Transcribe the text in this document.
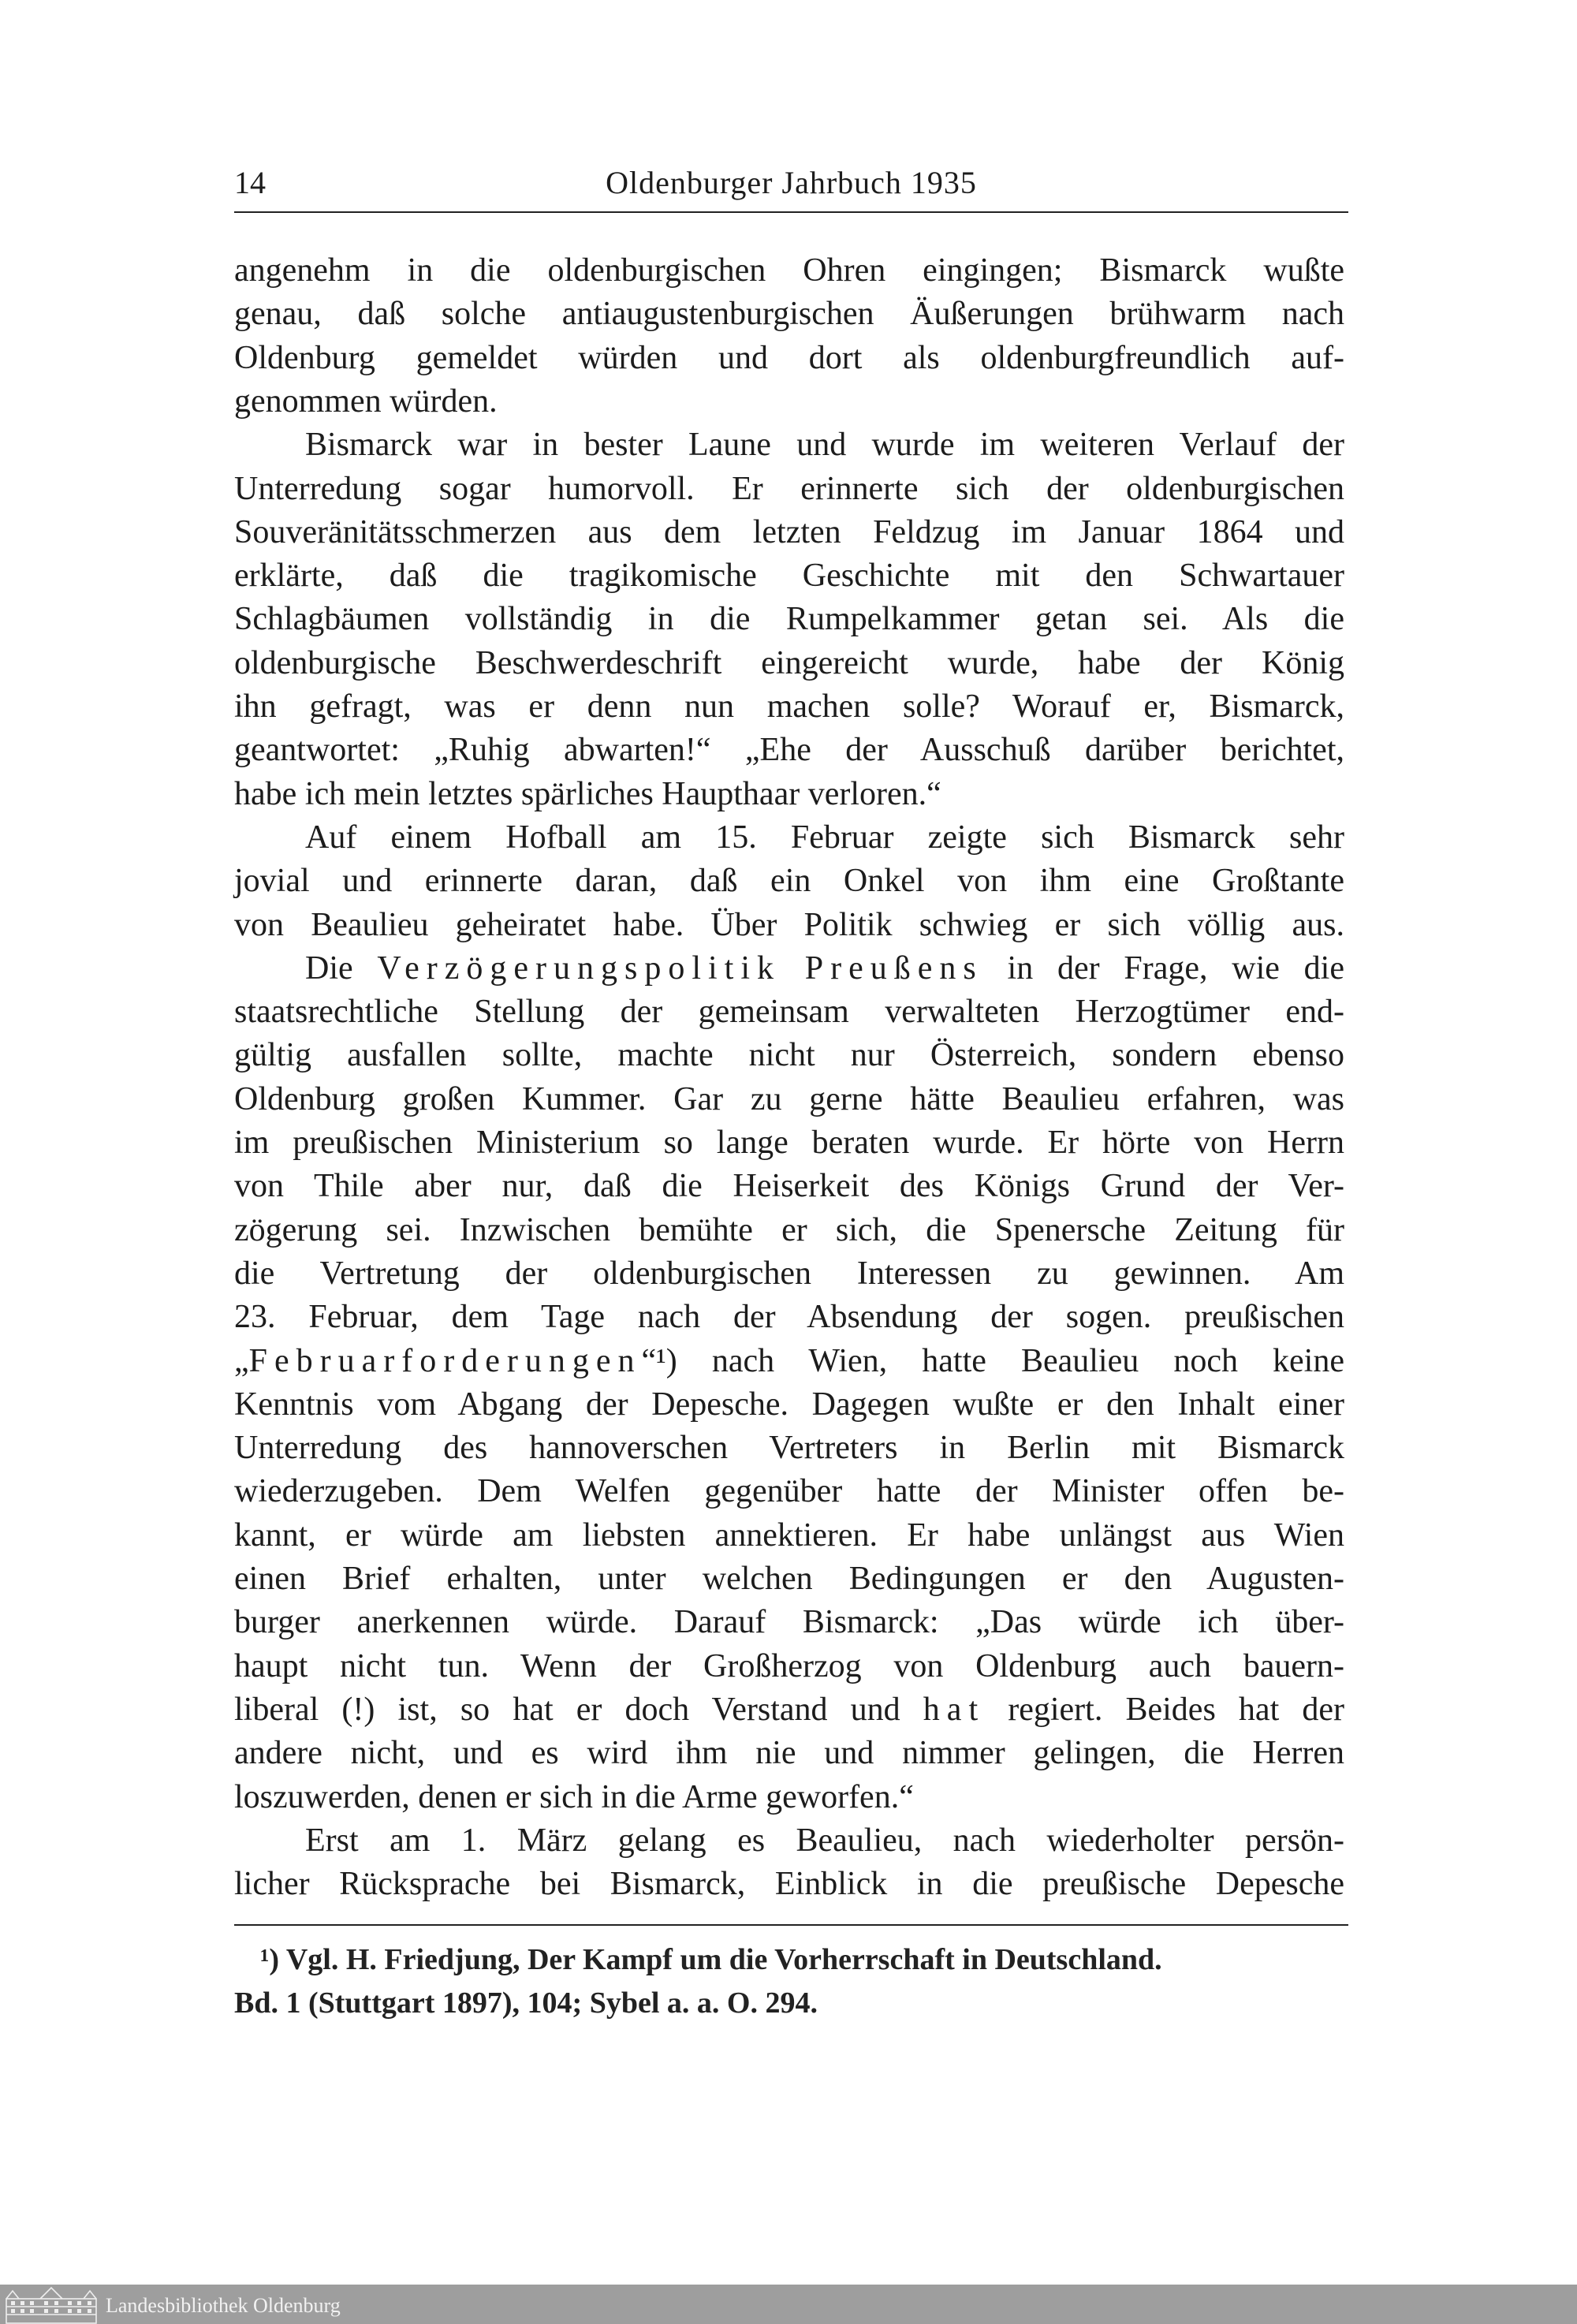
14	Oldenburger Jahrbuch 1935
angenehm in die oldenburgischen Ohren eingingen; Bismarck wußte
genau, daß solche antiaugustenburgischen Äußerungen brühwarm nach
Oldenburg gemeldet würden und dort als oldenburgfreundlich auf-
genommen würden.
Bismarck war in bester Laune und wurde im weiteren Verlauf der
Unterredung sogar humorvoll. Er erinnerte sich der oldenburgischen
Souveränitätsschmerzen aus dem letzten Feldzug im Januar 1864 und
erklärte, daß die tragikomische Geschichte mit den Schwartauer
Schlagbäumen vollständig in die Rumpelkammer getan sei. Als die
oldenburgische Beschwerdeschrift eingereicht wurde, habe der König
ihn gefragt, was er denn nun machen solle? Worauf er, Bismarck,
geantwortet: „Ruhig abwarten!“ „Ehe der Ausschuß darüber berichtet,
habe ich mein letztes spärliches Haupthaar verloren.“
Auf einem Hofball am 15. Februar zeigte sich Bismarck sehr
jovial und erinnerte daran, daß ein Onkel von ihm eine Großtante
von Beaulieu geheiratet habe. Über Politik schwieg er sich völlig aus.
Die Verzögerungspolitik Preußens in der Frage, wie die
staatsrechtliche Stellung der gemeinsam verwalteten Herzogtümer end-
gültig ausfallen sollte, machte nicht nur Österreich, sondern ebenso
Oldenburg großen Kummer. Gar zu gerne hätte Beaulieu erfahren, was
im preußischen Ministerium so lange beraten wurde. Er hörte von Herrn
von Thile aber nur, daß die Heiserkeit des Königs Grund der Ver-
zögerung sei. Inzwischen bemühte er sich, die Spenersche Zeitung für
die Vertretung der oldenburgischen Interessen zu gewinnen. Am
23. Februar, dem Tage nach der Absendung der sogen. preußischen
„Februarforderungen“¹) nach Wien, hatte Beaulieu noch keine
Kenntnis vom Abgang der Depesche. Dagegen wußte er den Inhalt einer
Unterredung des hannoverschen Vertreters in Berlin mit Bismarck
wiederzugeben. Dem Welfen gegenüber hatte der Minister offen be-
kannt, er würde am liebsten annektieren. Er habe unlängst aus Wien
einen Brief erhalten, unter welchen Bedingungen er den Augusten-
burger anerkennen würde. Darauf Bismarck: „Das würde ich über-
haupt nicht tun. Wenn der Großherzog von Oldenburg auch bauern-
liberal (!) ist, so hat er doch Verstand und hat regiert. Beides hat der
andere nicht, und es wird ihm nie und nimmer gelingen, die Herren
loszuwerden, denen er sich in die Arme geworfen.“
Erst am 1. März gelang es Beaulieu, nach wiederholter persön-
licher Rücksprache bei Bismarck, Einblick in die preußische Depesche
¹) Vgl. H. Friedjung, Der Kampf um die Vorherrschaft in Deutschland.
Bd. 1 (Stuttgart 1897), 104; Sybel a. a. O. 294.
Landesbibliothek Oldenburg
